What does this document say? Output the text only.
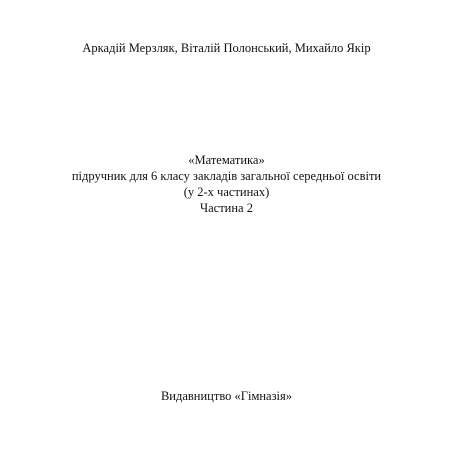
Аркадій Мерзляк, Віталій Полонський, Михайло Якір
«Математика»
підручник для 6 класу закладів загальної середньої освіти
(у 2-х частинах)
Частина 2
Видавництво «Гімназія»
